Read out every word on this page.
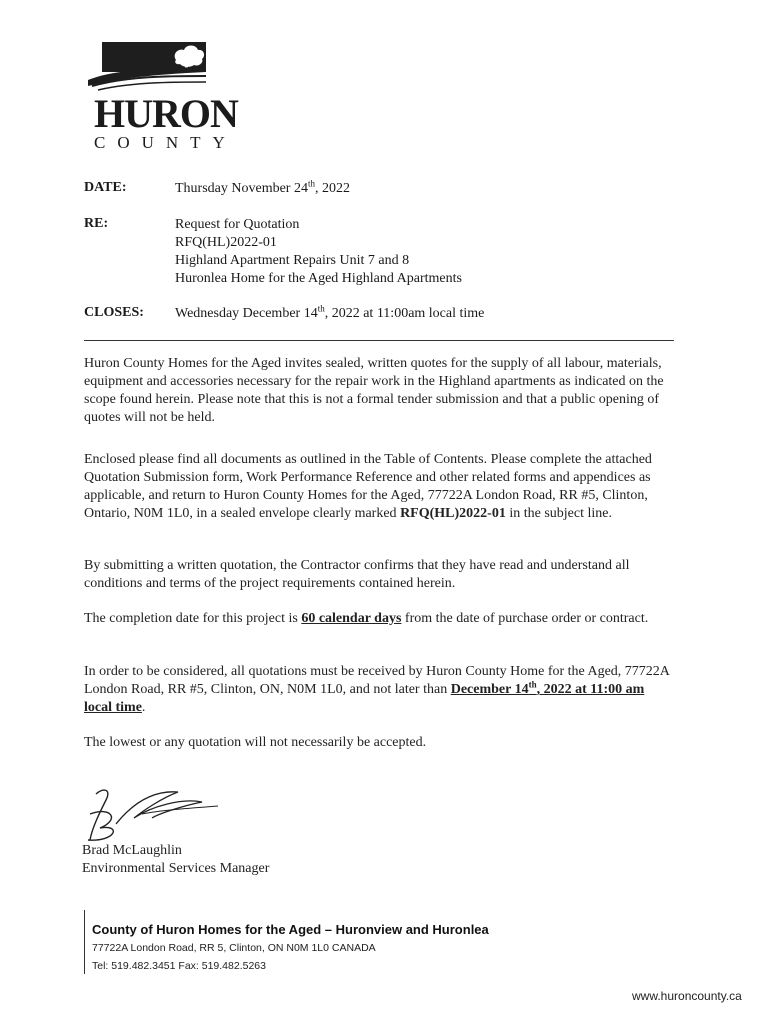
HURON
COUNTY
DATE:	Thursday November 24th, 2022
RE:	Request for Quotation
RFQ(HL)2022-01
Highland Apartment Repairs Unit 7 and 8
Huronlea Home for the Aged Highland Apartments
CLOSES: Wednesday December 14th, 2022 at 11:00am local time
Huron County Homes for the Aged invites sealed, written quotes for the supply of all labour, materials, equipment and accessories necessary for the repair work in the Highland apartments as indicated on the scope found herein. Please note that this is not a formal tender submission and that a public opening of quotes will not be held.
Enclosed please find all documents as outlined in the Table of Contents. Please complete the attached Quotation Submission form, Work Performance Reference and other related forms and appendices as applicable, and return to Huron County Homes for the Aged, 77722A London Road, RR #5, Clinton, Ontario, N0M 1L0, in a sealed envelope clearly marked RFQ(HL)2022-01 in the subject line.
By submitting a written quotation, the Contractor confirms that they have read and understand all conditions and terms of the project requirements contained herein.
The completion date for this project is 60 calendar days from the date of purchase order or contract.
In order to be considered, all quotations must be received by Huron County Home for the Aged, 77722A London Road, RR #5, Clinton, ON, N0M 1L0, and not later than December 14th, 2022 at 11:00 am local time.
The lowest or any quotation will not necessarily be accepted.
Brad McLaughlin
Environmental Services Manager
County of Huron Homes for the Aged – Huronview and Huronlea
77722A London Road, RR 5, Clinton, ON N0M 1L0 CANADA
Tel: 519.482.3451 Fax: 519.482.5263
www.huroncounty.ca
